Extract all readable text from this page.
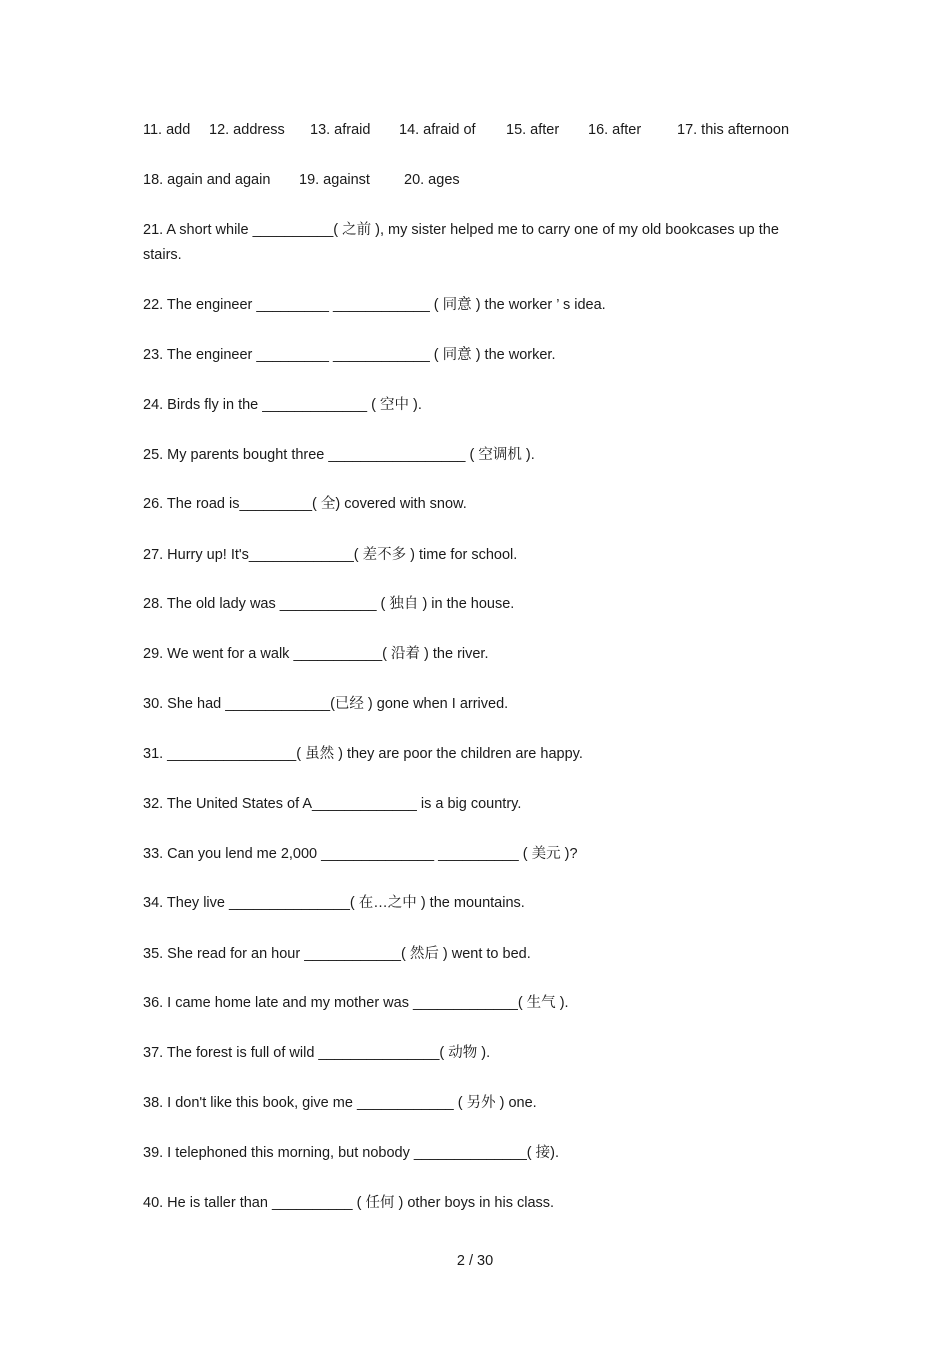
11. add 12. address 13. afraid 14. afraid of 15. after 16. after 17. this afternoon
18. again and again 19. against 20. ages
21. A short while __________( 之前 ), my sister helped me to carry one of my old bookcases up the stairs.
22. The engineer _________ ____________ ( 同意 ) the worker ’ s idea.
23. The engineer _________ ____________ ( 同意 ) the worker.
24. Birds fly in the _____________ ( 空中 ).
25. My parents bought three _________________ ( 空调机 ).
26. The road is_________( 全) covered with snow.
27. Hurry up! It's_____________( 差不多 ) time for school.
28. The old lady was ____________ ( 独自 ) in the house.
29. We went for a walk ___________( 沿着 ) the river.
30. She had _____________(已经 ) gone when I arrived.
31. ________________( 虽然 ) they are poor the children are happy.
32. The United States of A_____________ is a big country.
33. Can you lend me 2,000 ______________ __________ ( 美元 )?
34. They live _______________( 在…之中 ) the mountains.
35. She read for an hour ____________( 然后 ) went to bed.
36. I came home late and my mother was _____________( 生气 ).
37. The forest is full of wild _______________( 动物 ).
38. I don't like this book, give me ____________ ( 另外 ) one.
39. I telephoned this morning, but nobody ______________( 接).
40. He is taller than __________ ( 任何 ) other boys in his class.
2 / 30
